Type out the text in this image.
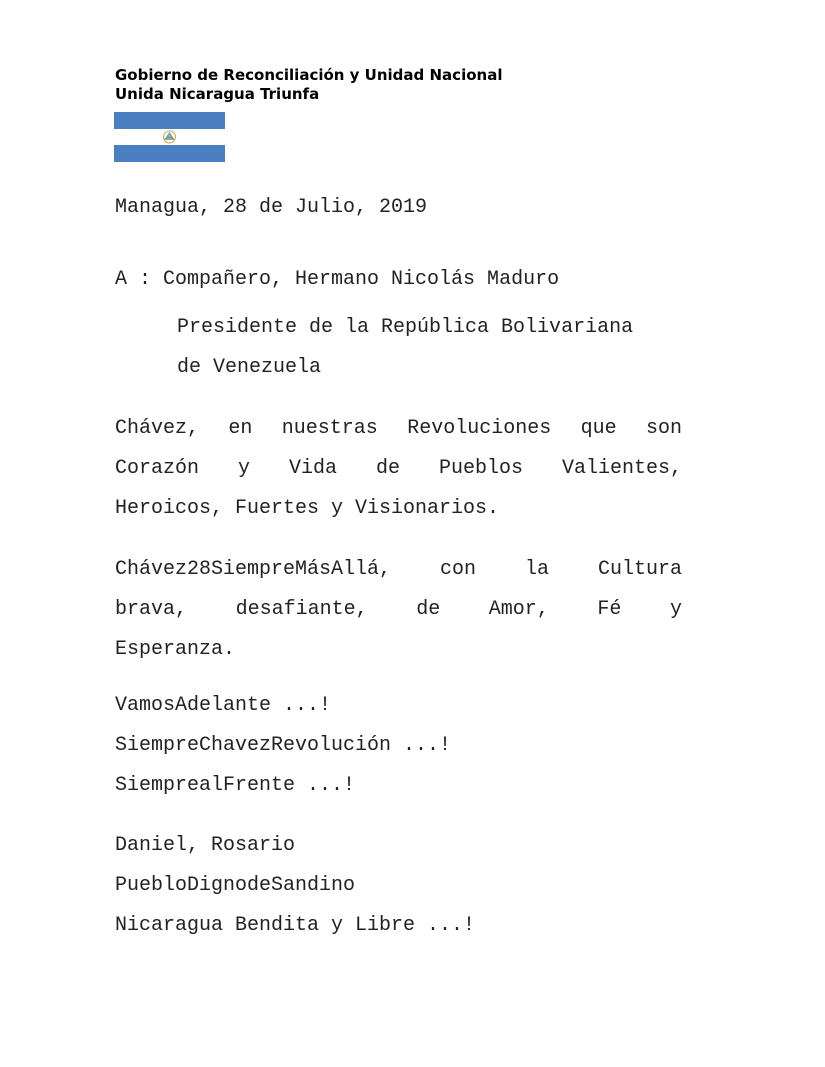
Gobierno de Reconciliación y Unidad Nacional
Unida Nicaragua Triunfa
Managua, 28 de Julio, 2019
A : Compañero, Hermano Nicolás Maduro
Presidente de la República Bolivariana
de Venezuela
Chávez, en nuestras Revoluciones que son
Corazón y Vida de Pueblos Valientes,
Heroicos, Fuertes y Visionarios.
Chávez28SiempreMásAllá, con la Cultura
brava, desafiante, de Amor, Fé y
Esperanza.
VamosAdelante ...!
SiempreChavezRevolución ...!
SiemprealFrente ...!
Daniel, Rosario
PuebloDignodeSandino
Nicaragua Bendita y Libre ...!
